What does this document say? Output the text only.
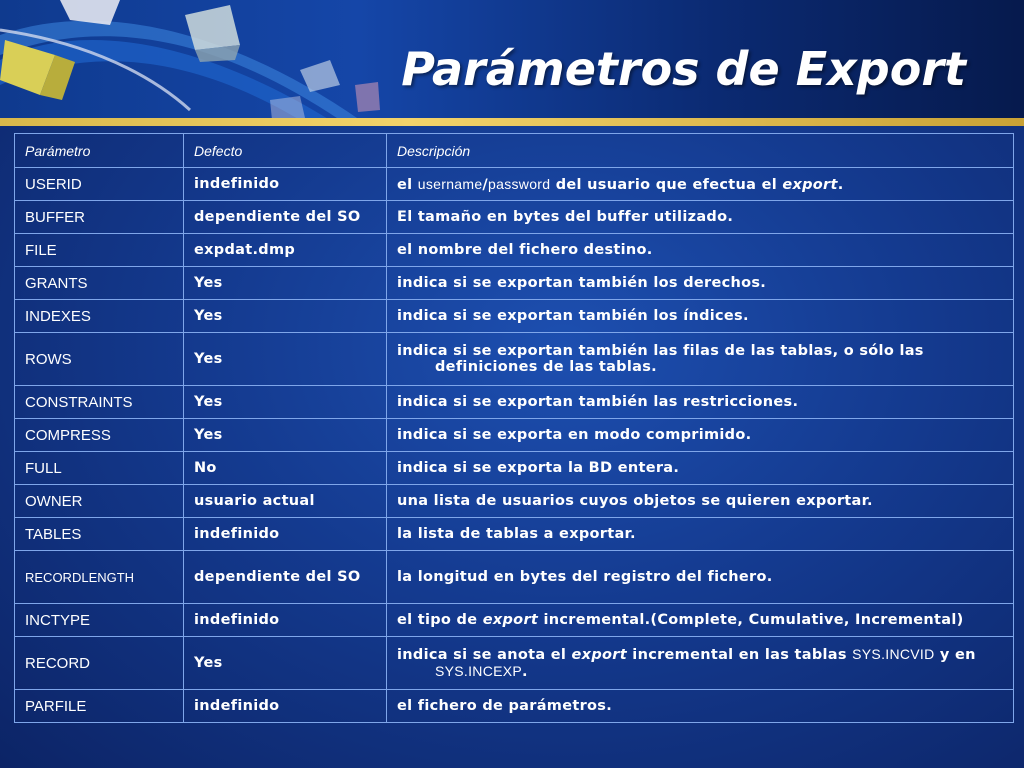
Parámetros de Export
Parámetro	Defecto	Descripción
USERID	indefinido	el username/password del usuario que efectua el export.
BUFFER	dependiente del SO	El tamaño en bytes del buffer utilizado.
FILE	expdat.dmp	el nombre del fichero destino.
GRANTS	Yes	indica si se exportan también los derechos.
INDEXES	Yes	indica si se exportan también los índices.
ROWS	Yes	indica si se exportan también las filas de las tablas, o sólo las
definiciones de las tablas.

CONSTRAINTS	Yes	indica si se exportan también las restricciones.
COMPRESS	Yes	indica si se exporta en modo comprimido.
FULL	No	indica si se exporta la BD entera.
OWNER	usuario actual	una lista de usuarios cuyos objetos se quieren exportar.
TABLES	indefinido	la lista de tablas a exportar.
RECORDLENGTH	dependiente del SO	la longitud en bytes del registro del fichero.
INCTYPE	indefinido	el tipo de export incremental.(Complete, Cumulative, Incremental)
RECORD	Yes	indica si se anota el export incremental en las tablas SYS.INCVID y en
SYS.INCEXP.

PARFILE	indefinido	el fichero de parámetros.
